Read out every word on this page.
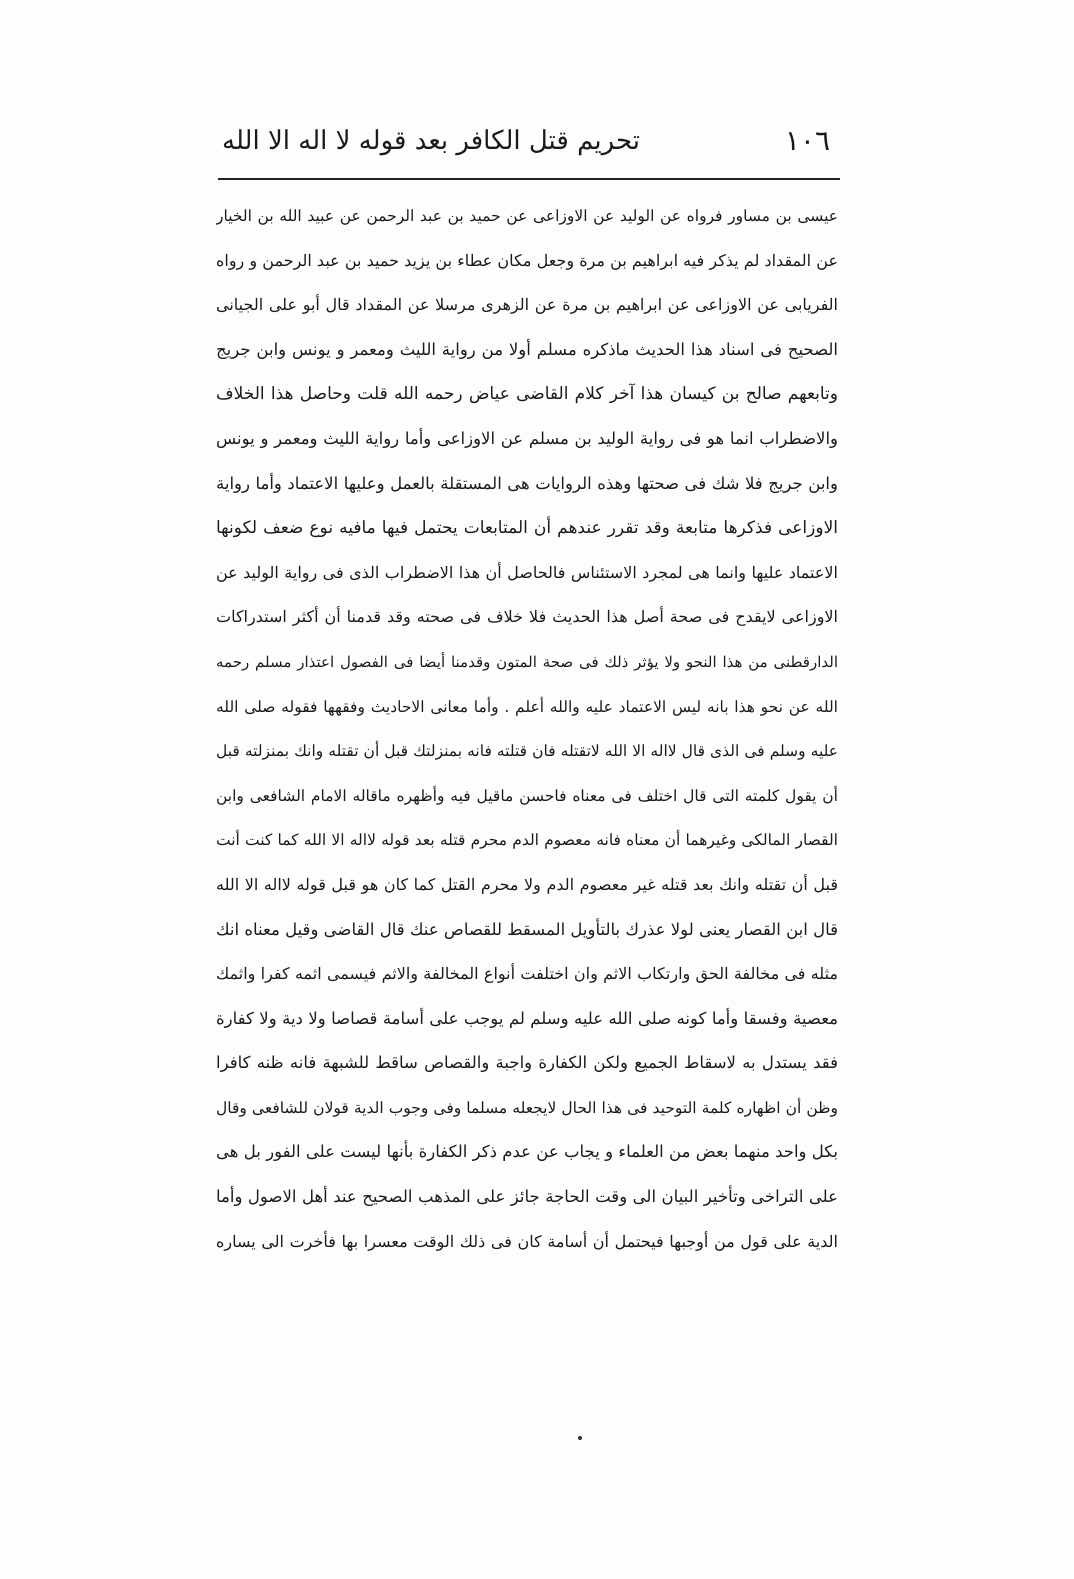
١٠٦
تحريم قتل الكافر بعد قوله لا اله الا الله
عيسى بن مساور فرواه عن الوليد عن الاوزاعى عن حميد بن عبد الرحمن عن عبيد الله بن الخيار
عن المقداد لم يذكر فيه ابراهيم بن مرة وجعل مكان عطاء بن يزيد حميد بن عبد الرحمن و رواه
الفريابى عن الاوزاعى عن ابراهيم بن مرة عن الزهرى مرسلا عن المقداد قال أبو على الجيانى
الصحيح فى اسناد هذا الحديث ماذكره مسلم أولا من رواية الليث ومعمر و يونس وابن جريج
وتابعهم صالح بن كيسان هذا آخر كلام القاضى عياض رحمه الله قلت وحاصل هذا الخلاف
والاضطراب انما هو فى رواية الوليد بن مسلم عن الاوزاعى وأما رواية الليث ومعمر و يونس
وابن جريج فلا شك فى صحتها وهذه الروايات هى المستقلة بالعمل وعليها الاعتماد وأما رواية
الاوزاعى فذكرها متابعة وقد تقرر عندهم أن المتابعات يحتمل فيها مافيه نوع ضعف لكونها
الاعتماد عليها وانما هى لمجرد الاستئناس فالحاصل أن هذا الاضطراب الذى فى رواية الوليد عن
الاوزاعى لايقدح فى صحة أصل هذا الحديث فلا خلاف فى صحته وقد قدمنا أن أكثر استدراكات
الدارقطنى من هذا النحو ولا يؤثر ذلك فى صحة المتون وقدمنا أيضا فى الفصول اعتذار مسلم رحمه
الله عن نحو هذا بانه ليس الاعتماد عليه والله أعلم . وأما معانى الاحاديث وفقهها فقوله صلى الله
عليه وسلم فى الذى قال لااله الا الله لاتقتله فان قتلته فانه بمنزلتك قبل أن تقتله وانك بمنزلته قبل
أن يقول كلمته التى قال اختلف فى معناه فاحسن ماقيل فيه وأظهره ماقاله الامام الشافعى وابن
القصار المالكى وغيرهما أن معناه فانه معصوم الدم محرم قتله بعد قوله لااله الا الله كما كنت أنت
قبل أن تقتله وانك بعد قتله غير معصوم الدم ولا محرم القتل كما كان هو قبل قوله لااله الا الله
قال ابن القصار يعنى لولا عذرك بالتأويل المسقط للقصاص عنك قال القاضى وقيل معناه انك
مثله فى مخالفة الحق وارتكاب الاثم وان اختلفت أنواع المخالفة والاثم فيسمى اثمه كفرا واثمك
معصية وفسقا وأما كونه صلى الله عليه وسلم لم يوجب على أسامة قصاصا ولا دية ولا كفارة
فقد يستدل به لاسقاط الجميع ولكن الكفارة واجبة والقصاص ساقط للشبهة فانه ظنه كافرا
وظن أن اظهاره كلمة التوحيد فى هذا الحال لايجعله مسلما وفى وجوب الدية قولان للشافعى وقال
بكل واحد منهما بعض من العلماء و يجاب عن عدم ذكر الكفارة بأنها ليست على الفور بل هى
على التراخى وتأخير البيان الى وقت الحاجة جائز على المذهب الصحيح عند أهل الاصول وأما
الدية على قول من أوجبها فيحتمل أن أسامة كان فى ذلك الوقت معسرا بها فأخرت الى يساره
